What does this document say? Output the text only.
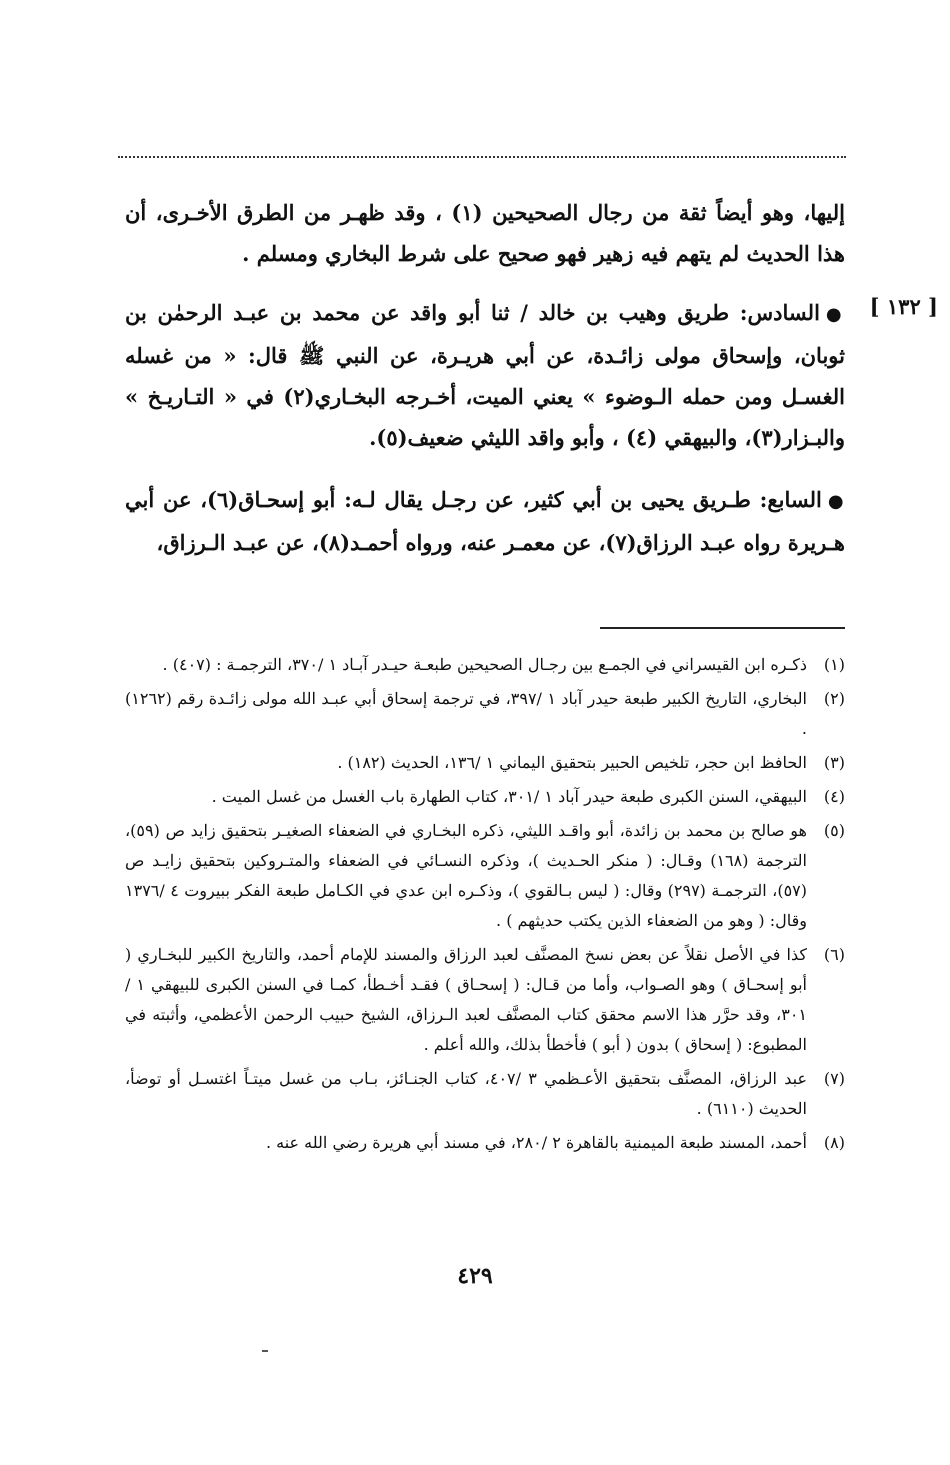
[ ١٣٢ ]
إليها، وهو أيضاً ثقة من رجال الصحيحين (١) ، وقد ظهـر من الطرق الأخـرى، أن هذا الحديث لم يتهم فيه زهير فهو صحيح على شرط البخاري ومسلم .
●السادس: طريق وهيب بن خالد / ثنا أبو واقد عن محمد بن عبـد الرحمٰن بن ثوبان، وإسحاق مولى زائـدة، عن أبي هريـرة، عن النبي ﷺ قال: « من غسله الغسـل ومن حمله الـوضوء » يعني الميت، أخـرجه البخـاري(٢) في « التـاريـخ » والبـزار(٣)، والبيهقي (٤) ، وأبو واقد الليثي ضعيف(٥).
●السابع: طـريق يحيى بن أبي كثير، عن رجـل يقال لـه: أبو إسحـاق(٦)، عن أبي هـريرة رواه عبـد الرزاق(٧)، عن معمـر عنه، ورواه أحمـد(٨)، عن عبـد الـرزاق،
(١)
ذكـره ابن القيسراني في الجمـع بين رجـال الصحيحين طبعـة حيـدر آبـاد ١ /٣٧٠، الترجمـة : (٤٠٧) .
(٢)
البخاري، التاريخ الكبير طبعة حيدر آباد ١ /٣٩٧، في ترجمة إسحاق أبي عبـد الله مولى زائـدة رقم (١٢٦٢) .
(٣)
الحافظ ابن حجر، تلخيص الحبير بتحقيق اليماني ١ /١٣٦، الحديث (١٨٢) .
(٤)
البيهقي، السنن الكبرى طبعة حيدر آباد ١ /٣٠١، كتاب الطهارة باب الغسل من غسل الميت .
(٥)
هو صالح بن محمد بن زائدة، أبو واقـد الليثي، ذكره البخـاري في الضعفاء الصغيـر بتحقيق زايد ص (٥٩)، الترجمة (١٦٨) وقـال: ( منكر الحـديث )، وذكره النسـائي في الضعفاء والمتـروكين بتحقيق زايـد ص (٥٧)، الترجمـة (٢٩٧) وقال: ( ليس بـالقوي )، وذكـره ابن عدي في الكـامل طبعة الفكر ببيروت ٤ /١٣٧٦ وقال: ( وهو من الضعفاء الذين يكتب حديثهم ) .
(٦)
كذا في الأصل نقلاً عن بعض نسخ المصنَّف لعبد الرزاق والمسند للإمام أحمد، والتاريخ الكبير للبخـاري ( أبو إسحـاق ) وهو الصـواب، وأما من قـال: ( إسحـاق ) فقـد أخـطأ، كمـا في السنن الكبرى للبيهقي ١ /٣٠١، وقد حرَّر هذا الاسم محقق كتاب المصنَّف لعبد الـرزاق، الشيخ حبيب الرحمن الأعظمي، وأثبته في المطبوع: ( إسحاق ) بدون ( أبو ) فأخطأ بذلك، والله أعلم .
(٧)
عبد الرزاق، المصنَّف بتحقيق الأعـظمي ٣ /٤٠٧، كتاب الجنـائز، بـاب من غسل ميتـاً اغتسـل أو توضأ، الحديث (٦١١٠) .
(٨)
أحمد، المسند طبعة الميمنية بالقاهرة ٢ /٢٨٠، في مسند أبي هريرة رضي الله عنه .
٤٢٩
